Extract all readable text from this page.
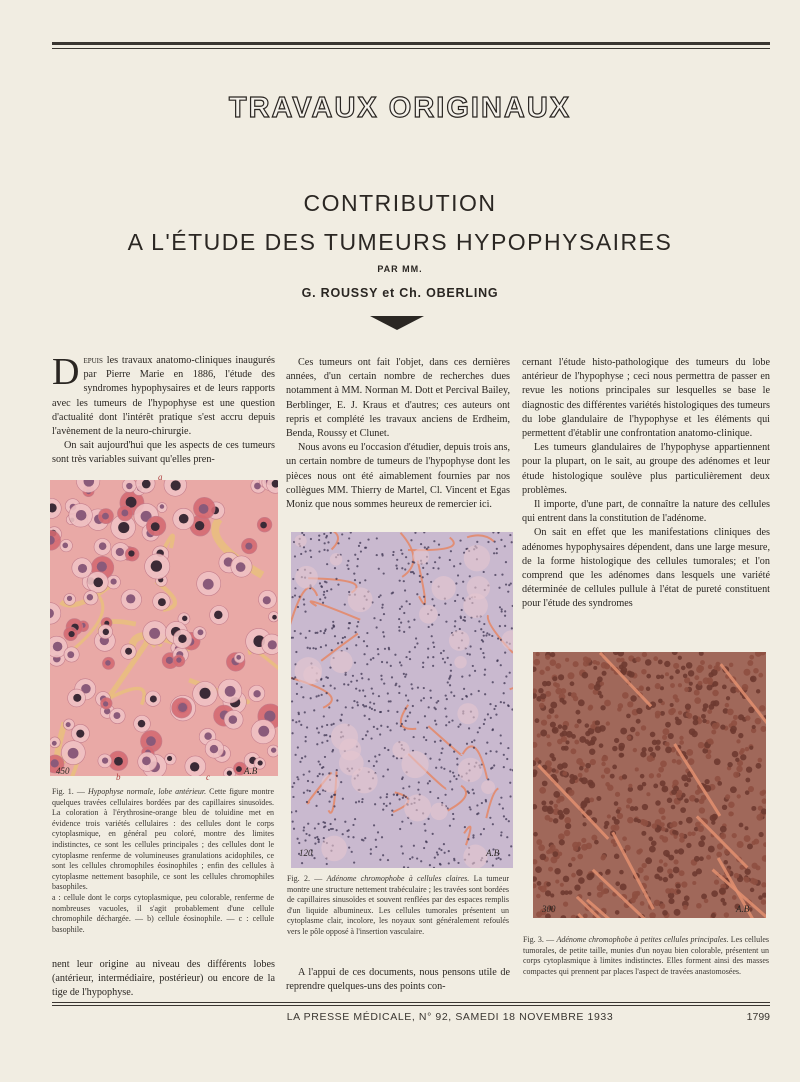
TRAVAUX ORIGINAUX
CONTRIBUTION
A L'ÉTUDE DES TUMEURS HYPOPHYSAIRES
PAR MM.
G. ROUSSY et Ch. OBERLING

Depuis les travaux anatomo-cliniques inaugurés par Pierre Marie en 1886, l'étude des syndromes hypophysaires et de leurs rapports avec les tumeurs de l'hypophyse est une question d'actualité dont l'intérêt pratique s'est accru depuis l'avènement de la neuro-chirurgie.

On sait aujourd'hui que les aspects de ces tumeurs sont très variables suivant qu'elles pren-

450	A.B
a
b	c

Fig. 1. — Hypophyse normale, lobe antérieur. Cette figure montre quelques travées cellulaires bordées par des capillaires sinusoïdes. La coloration à l'érythrosine-orange bleu de toluidine met en évidence trois variétés cellulaires : des cellules dont le corps cytoplasmique, en général peu coloré, montre des limites indistinctes, ce sont les cellules principales ; des cellules dont le cytoplasme renferme de volumineuses granulations acidophiles, ce sont les cellules chromophiles éosinophiles ; enfin des cellules à cytoplasme nettement basophile, ce sont les cellules chromophiles basophiles.

a : cellule dont le corps cytoplasmique, peu colorable, renferme de nombreuses vacuoles, il s'agit probablement d'une cellule chromophile déchargée. — b) cellule éosinophile. — c : cellule basophile.

nent leur origine au niveau des différents lobes (antérieur, intermédiaire, postérieur) ou encore de la tige de l'hypophyse.

Ces tumeurs ont fait l'objet, dans ces dernières années, d'un certain nombre de recherches dues notamment à MM. Norman M. Dott et Percival Bailey, Berblinger, E. J. Kraus et d'autres; ces auteurs ont repris et complété les travaux anciens de Erdheim, Benda, Roussy et Clunet.

Nous avons eu l'occasion d'étudier, depuis trois ans, un certain nombre de tumeurs de l'hypophyse dont les pièces nous ont été aimablement fournies par nos collègues MM. Thierry de Martel, Cl. Vincent et Egas Moniz que nous sommes heureux de remercier ici.

120	A.B

Fig. 2. — Adénome chromophobe à cellules claires. La tumeur montre une structure nettement trabéculaire ; les travées sont bordées de capillaires sinusoïdes et souvent renflées par des espaces remplis d'un liquide albumineux. Les cellules tumorales présentent un cytoplasme clair, incolore, les noyaux sont généralement refoulés vers le pôle opposé à l'insertion vasculaire.

A l'appui de ces documents, nous pensons utile de reprendre quelques-uns des points con-

cernant l'étude histo-pathologique des tumeurs du lobe antérieur de l'hypophyse ; ceci nous permettra de passer en revue les notions principales sur lesquelles se base le diagnostic des différentes variétés histologiques des tumeurs du lobe glandulaire de l'hypophyse et les éléments qui permettent d'établir une confrontation anatomo-clinique.

Les tumeurs glandulaires de l'hypophyse appartiennent pour la plupart, on le sait, au groupe des adénomes et leur étude histologique soulève plus particulièrement deux problèmes.

Il importe, d'une part, de connaître la nature des cellules qui entrent dans la constitution de l'adénome.

On sait en effet que les manifestations cliniques des adénomes hypophysaires dépendent, dans une large mesure, de la forme histologique des cellules tumorales; et l'on comprend que les adénomes dans lesquels une variété déterminée de cellules pullule à l'état de pureté constituent pour l'étude des syndromes

300	A.B

Fig. 3. — Adénome chromophobe à petites cellules principales. Les cellules tumorales, de petite taille, munies d'un noyau bien colorable, présentent un corps cytoplasmique à limites indistinctes. Elles forment ainsi des masses compactes qui prennent par places l'aspect de travées anastomosées.

LA PRESSE MÉDICALE, N° 92, SAMEDI 18 NOVEMBRE 1933	1799
